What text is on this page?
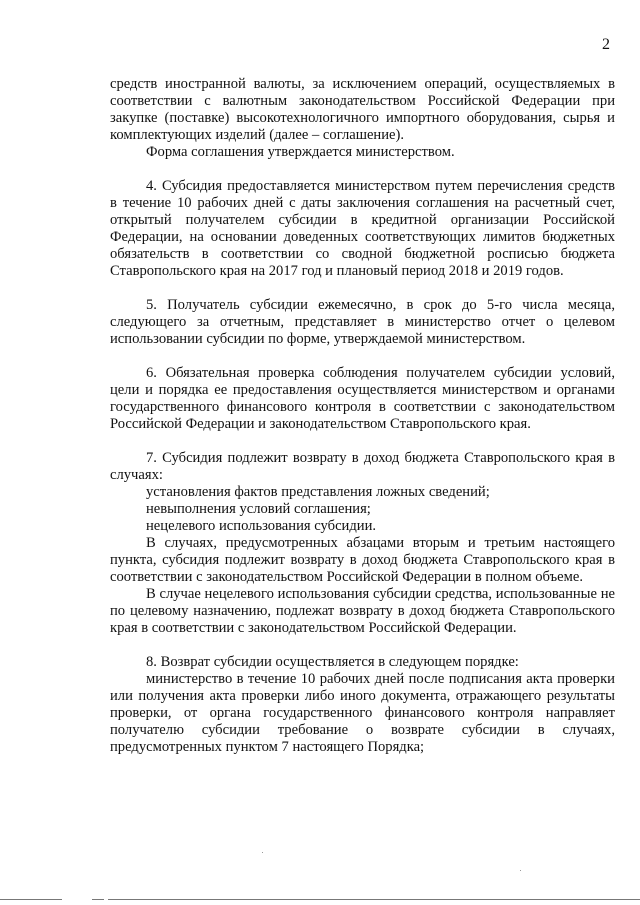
2

средств иностранной валюты, за исключением операций, осуществляемых в соответствии с валютным законодательством Российской Федерации при закупке (поставке) высокотехнологичного импортного оборудования, сырья и комплектующих изделий (далее – соглашение).

Форма соглашения утверждается министерством.

4. Субсидия предоставляется министерством путем перечисления средств в течение 10 рабочих дней с даты заключения соглашения на расчетный счет, открытый получателем субсидии в кредитной организации Российской Федерации, на основании доведенных соответствующих лимитов бюджетных обязательств в соответствии со сводной бюджетной росписью бюджета Ставропольского края на 2017 год и плановый период 2018 и 2019 годов.

5. Получатель субсидии ежемесячно, в срок до 5-го числа месяца, следующего за отчетным, представляет в министерство отчет о целевом использовании субсидии по форме, утверждаемой министерством.

6. Обязательная проверка соблюдения получателем субсидии условий, цели и порядка ее предоставления осуществляется министерством и органами государственного финансового контроля в соответствии с законодательством Российской Федерации и законодательством Ставропольского края.

7. Субсидия подлежит возврату в доход бюджета Ставропольского края в случаях:

установления фактов представления ложных сведений;

невыполнения условий соглашения;

нецелевого использования субсидии.

В случаях, предусмотренных абзацами вторым и третьим настоящего пункта, субсидия подлежит возврату в доход бюджета Ставропольского края в соответствии с законодательством Российской Федерации в полном объеме.

В случае нецелевого использования субсидии средства, использованные не по целевому назначению, подлежат возврату в доход бюджета Ставропольского края в соответствии с законодательством Российской Федерации.

8. Возврат субсидии осуществляется в следующем порядке:

министерство в течение 10 рабочих дней после подписания акта проверки или получения акта проверки либо иного документа, отражающего результаты проверки, от органа государственного финансового контроля направляет получателю субсидии требование о возврате субсидии в случаях, предусмотренных пунктом 7 настоящего Порядка;
